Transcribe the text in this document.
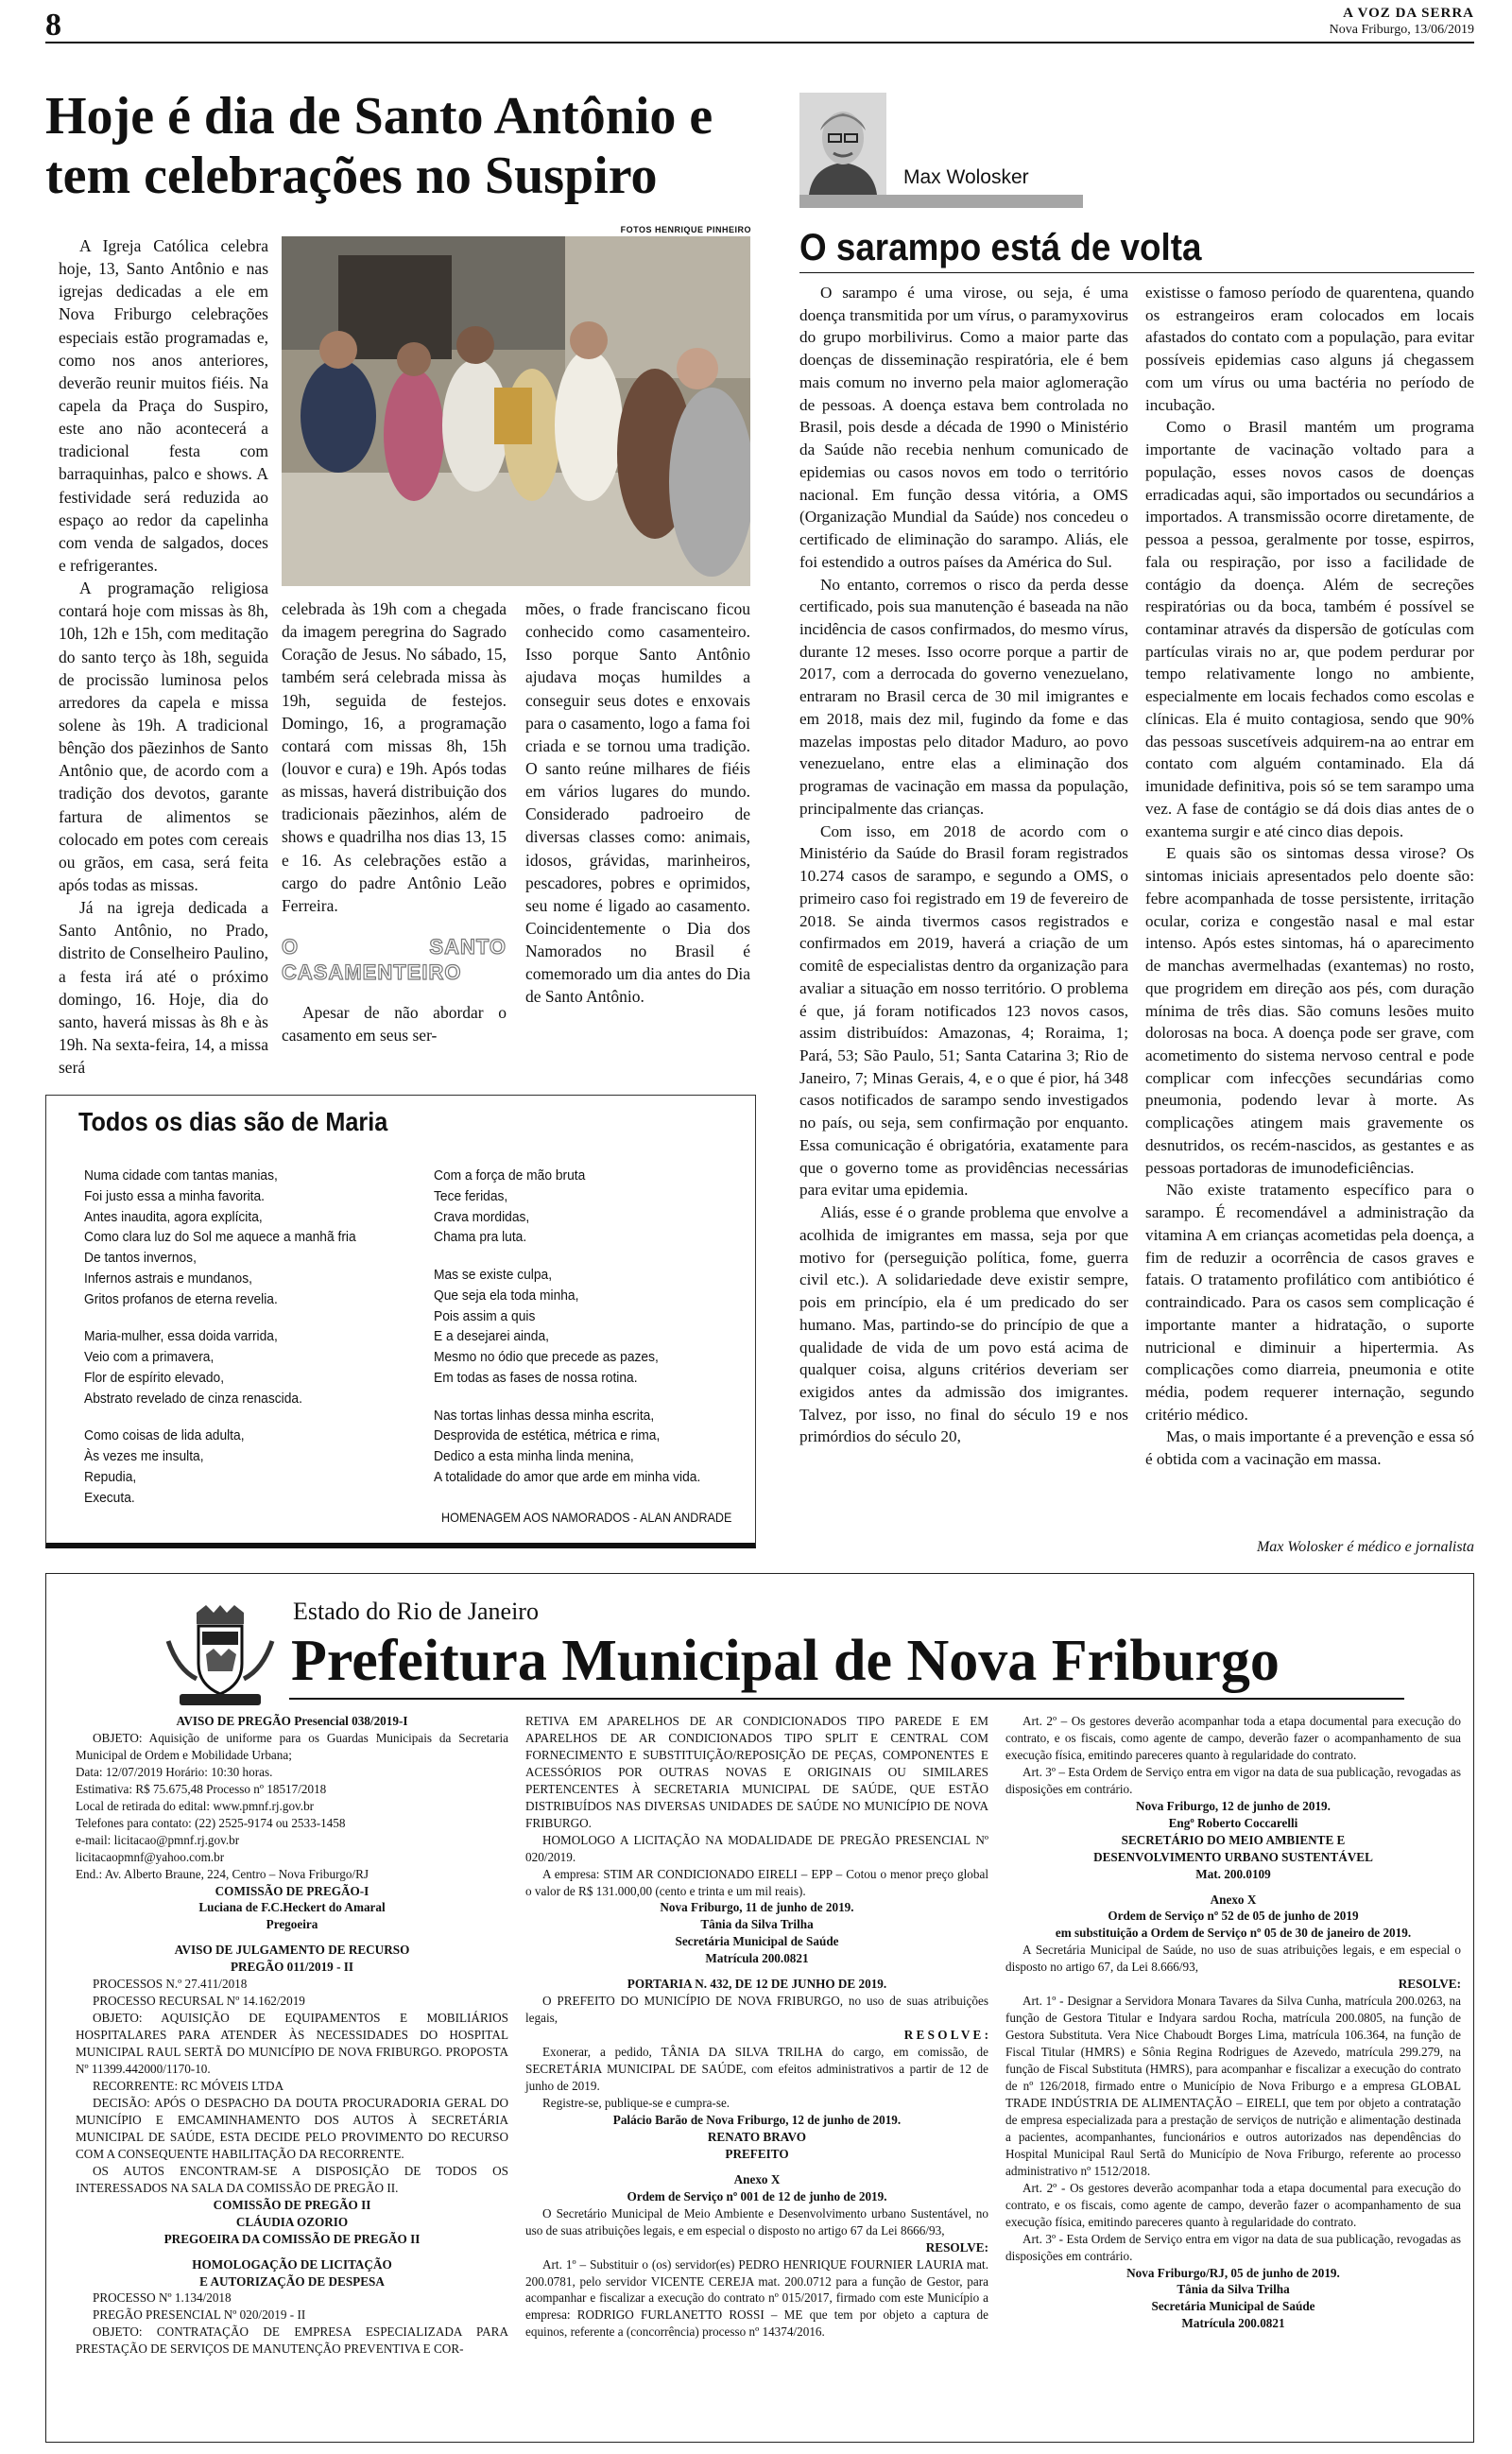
8	A VOZ DA SERRA
Nova Friburgo, 13/06/2019
Hoje é dia de Santo Antônio e tem celebrações no Suspiro
FOTOS HENRIQUE PINHEIRO

A Igreja Católica celebra hoje, 13, Santo Antônio e nas igrejas dedicadas a ele em Nova Friburgo celebrações especiais estão programadas e, como nos anos anteriores, deverão reunir muitos fiéis. Na capela da Praça do Suspiro, este ano não acontecerá a tradicional festa com barraquinhas, palco e shows. A festividade será reduzida ao espaço ao redor da capelinha com venda de salgados, doces e refrigerantes.

A programação religiosa contará hoje com missas às 8h, 10h, 12h e 15h, com meditação do santo terço às 18h, seguida de procissão luminosa pelos arredores da capela e missa solene às 19h. A tradicional bênção dos pãezinhos de Santo Antônio que, de acordo com a tradição dos devotos, garante fartura de alimentos se colocado em potes com cereais ou grãos, em casa, será feita após todas as missas.

Já na igreja dedicada a Santo Antônio, no Prado, distrito de Conselheiro Paulino, a festa irá até o próximo domingo, 16. Hoje, dia do santo, haverá missas às 8h e às 19h. Na sexta-feira, 14, a missa será

celebrada às 19h com a chegada da imagem peregrina do Sagrado Coração de Jesus. No sábado, 15, também será celebrada missa às 19h, seguida de festejos. Domingo, 16, a programação contará com missas 8h, 15h (louvor e cura) e 19h. Após todas as missas, haverá distribuição dos tradicionais pãezinhos, além de shows e quadrilha nos dias 13, 15 e 16. As celebrações estão a cargo do padre Antônio Leão Ferreira.

O SANTO CASAMENTEIRO

Apesar de não abordar o casamento em seus ser-

mões, o frade franciscano ficou conhecido como casamenteiro. Isso porque Santo Antônio ajudava moças humildes a conseguir seus dotes e enxovais para o casamento, logo a fama foi criada e se tornou uma tradição. O santo reúne milhares de fiéis em vários lugares do mundo. Considerado padroeiro de diversas classes como: animais, idosos, grávidas, marinheiros, pescadores, pobres e oprimidos, seu nome é ligado ao casamento. Coincidentemente o Dia dos Namorados no Brasil é comemorado um dia antes do Dia de Santo Antônio.

Todos os dias são de Maria
Numa cidade com tantas manias,
Foi justo essa a minha favorita.
Antes inaudita, agora explícita,
Como clara luz do Sol me aquece a manhã fria
De tantos invernos,
Infernos astrais e mundanos,
Gritos profanos de eterna revelia.
Maria-mulher, essa doida varrida,
Veio com a primavera,
Flor de espírito elevado,
Abstrato revelado de cinza renascida.
Como coisas de lida adulta,
Às vezes me insulta,
Repudia,
Executa.
Com a força de mão bruta
Tece feridas,
Crava mordidas,
Chama pra luta.
Mas se existe culpa,
Que seja ela toda minha,
Pois assim a quis
E a desejarei ainda,
Mesmo no ódio que precede as pazes,
Em todas as fases de nossa rotina.
Nas tortas linhas dessa minha escrita,
Desprovida de estética, métrica e rima,
Dedico a esta minha linda menina,
A totalidade do amor que arde em minha vida.
HOMENAGEM AOS NAMORADOS - ALAN ANDRADE
Max Wolosker
O sarampo está de volta

O sarampo é uma virose, ou seja, é uma doença transmitida por um vírus, o paramyxovirus do grupo morbilivirus. Como a maior parte das doenças de disseminação respiratória, ele é bem mais comum no inverno pela maior aglomeração de pessoas. A doença estava bem controlada no Brasil, pois desde a década de 1990 o Ministério da Saúde não recebia nenhum comunicado de epidemias ou casos novos em todo o território nacional. Em função dessa vitória, a OMS (Organização Mundial da Saúde) nos concedeu o certificado de eliminação do sarampo. Aliás, ele foi estendido a outros países da América do Sul.

No entanto, corremos o risco da perda desse certificado, pois sua manutenção é baseada na não incidência de casos confirmados, do mesmo vírus, durante 12 meses. Isso ocorre porque a partir de 2017, com a derrocada do governo venezuelano, entraram no Brasil cerca de 30 mil imigrantes e em 2018, mais dez mil, fugindo da fome e das mazelas impostas pelo ditador Maduro, ao povo venezuelano, entre elas a eliminação dos programas de vacinação em massa da população, principalmente das crianças.

Com isso, em 2018 de acordo com o Ministério da Saúde do Brasil foram registrados 10.274 casos de sarampo, e segundo a OMS, o primeiro caso foi registrado em 19 de fevereiro de 2018. Se ainda tivermos casos registrados e confirmados em 2019, haverá a criação de um comitê de especialistas dentro da organização para avaliar a situação em nosso território. O problema é que, já foram notificados 123 novos casos, assim distribuídos: Amazonas, 4; Roraima, 1; Pará, 53; São Paulo, 51; Santa Catarina 3; Rio de Janeiro, 7; Minas Gerais, 4, e o que é pior, há 348 casos notificados de sarampo sendo investigados no país, ou seja, sem confirmação por enquanto. Essa comunicação é obrigatória, exatamente para que o governo tome as providências necessárias para evitar uma epidemia.

Aliás, esse é o grande problema que envolve a acolhida de imigrantes em massa, seja por que motivo for (perseguição política, fome, guerra civil etc.). A solidariedade deve existir sempre, pois em princípio, ela é um predicado do ser humano. Mas, partindo-se do princípio de que a qualidade de vida de um povo está acima de qualquer coisa, alguns critérios deveriam ser exigidos antes da admissão dos imigrantes. Talvez, por isso, no final do século 19 e nos primórdios do século 20,

existisse o famoso período de quarentena, quando os estrangeiros eram colocados em locais afastados do contato com a população, para evitar possíveis epidemias caso alguns já chegassem com um vírus ou uma bactéria no período de incubação.

Como o Brasil mantém um programa importante de vacinação voltado para a população, esses novos casos de doenças erradicadas aqui, são importados ou secundários a importados. A transmissão ocorre diretamente, de pessoa a pessoa, geralmente por tosse, espirros, fala ou respiração, por isso a facilidade de contágio da doença. Além de secreções respiratórias ou da boca, também é possível se contaminar através da dispersão de gotículas com partículas virais no ar, que podem perdurar por tempo relativamente longo no ambiente, especialmente em locais fechados como escolas e clínicas. Ela é muito contagiosa, sendo que 90% das pessoas suscetíveis adquirem-na ao entrar em contato com alguém contaminado. Ela dá imunidade definitiva, pois só se tem sarampo uma vez. A fase de contágio se dá dois dias antes de o exantema surgir e até cinco dias depois.

E quais são os sintomas dessa virose? Os sintomas iniciais apresentados pelo doente são: febre acompanhada de tosse persistente, irritação ocular, coriza e congestão nasal e mal estar intenso. Após estes sintomas, há o aparecimento de manchas avermelhadas (exantemas) no rosto, que progridem em direção aos pés, com duração mínima de três dias. São comuns lesões muito dolorosas na boca. A doença pode ser grave, com acometimento do sistema nervoso central e pode complicar com infecções secundárias como pneumonia, podendo levar à morte. As complicações atingem mais gravemente os desnutridos, os recém-nascidos, as gestantes e as pessoas portadoras de imunodeficiências.

Não existe tratamento específico para o sarampo. É recomendável a administração da vitamina A em crianças acometidas pela doença, a fim de reduzir a ocorrência de casos graves e fatais. O tratamento profilático com antibiótico é contraindicado. Para os casos sem complicação é importante manter a hidratação, o suporte nutricional e diminuir a hipertermia. As complicações como diarreia, pneumonia e otite média, podem requerer internação, segundo critério médico.

Mas, o mais importante é a prevenção e essa só é obtida com a vacinação em massa.

Max Wolosker é médico e jornalista
Estado do Rio de Janeiro
Prefeitura Municipal de Nova Friburgo

AVISO DE PREGÃO Presencial 038/2019-I

OBJETO: Aquisição de uniforme para os Guardas Municipais da Secretaria Municipal de Ordem e Mobilidade Urbana;

Data: 12/07/2019 Horário: 10:30 horas.

Estimativa: R$ 75.675,48 Processo nº 18517/2018

Local de retirada do edital: www.pmnf.rj.gov.br

Telefones para contato: (22) 2525-9174 ou 2533-1458

e-mail: licitacao@pmnf.rj.gov.br

licitacaopmnf@yahoo.com.br

End.: Av. Alberto Braune, 224, Centro – Nova Friburgo/RJ

COMISSÃO DE PREGÃO-I

Luciana de F.C.Heckert do Amaral

Pregoeira

AVISO DE JULGAMENTO DE RECURSO

PREGÃO 011/2019 - II

PROCESSOS N.º 27.411/2018

PROCESSO RECURSAL Nº 14.162/2019

OBJETO: AQUISIÇÃO DE EQUIPAMENTOS E MOBILIÁRIOS HOSPITALARES PARA ATENDER ÀS NECESSIDADES DO HOSPITAL MUNICIPAL RAUL SERTÃ DO MUNICÍPIO DE NOVA FRIBURGO. PROPOSTA Nº 11399.442000/1170-10.

RECORRENTE: RC MÓVEIS LTDA

DECISÃO: APÓS O DESPACHO DA DOUTA PROCURADORIA GERAL DO MUNICÍPIO E EMCAMINHAMENTO DOS AUTOS À SECRETÁRIA MUNICIPAL DE SAÚDE, ESTA DECIDE PELO PROVIMENTO DO RECURSO COM A CONSEQUENTE HABILITAÇÃO DA RECORRENTE.

OS AUTOS ENCONTRAM-SE A DISPOSIÇÃO DE TODOS OS INTERESSADOS NA SALA DA COMISSÃO DE PREGÃO II.

COMISSÃO DE PREGÃO II

CLÁUDIA OZORIO

PREGOEIRA DA COMISSÃO DE PREGÃO II

HOMOLOGAÇÃO DE LICITAÇÃO

E AUTORIZAÇÃO DE DESPESA

PROCESSO Nº 1.134/2018

PREGÃO PRESENCIAL Nº 020/2019 - II

OBJETO: CONTRATAÇÃO DE EMPRESA ESPECIALIZADA PARA PRESTAÇÃO DE SERVIÇOS DE MANUTENÇÃO PREVENTIVA E COR-

RETIVA EM APARELHOS DE AR CONDICIONADOS TIPO PAREDE E EM APARELHOS DE AR CONDICIONADOS TIPO SPLIT E CENTRAL COM FORNECIMENTO E SUBSTITUIÇÃO/REPOSIÇÃO DE PEÇAS, COMPONENTES E ACESSÓRIOS POR OUTRAS NOVAS E ORIGINAIS OU SIMILARES PERTENCENTES À SECRETARIA MUNICIPAL DE SAÚDE, QUE ESTÃO DISTRIBUÍDOS NAS DIVERSAS UNIDADES DE SAÚDE NO MUNICÍPIO DE NOVA FRIBURGO.

HOMOLOGO A LICITAÇÃO NA MODALIDADE DE PREGÃO PRESENCIAL Nº 020/2019.

A empresa: STIM AR CONDICIONADO EIRELI – EPP – Cotou o menor preço global o valor de R$ 131.000,00 (cento e trinta e um mil reais).

Nova Friburgo, 11 de junho de 2019.

Tânia da Silva Trilha

Secretária Municipal de Saúde

Matrícula 200.0821

PORTARIA N. 432, DE 12 DE JUNHO DE 2019.

O PREFEITO DO MUNICÍPIO DE NOVA FRIBURGO, no uso de suas atribuições legais,

R E S O L V E :

Exonerar, a pedido, TÂNIA DA SILVA TRILHA do cargo, em comissão, de SECRETÁRIA MUNICIPAL DE SAÚDE, com efeitos administrativos a partir de 12 de junho de 2019.

Registre-se, publique-se e cumpra-se.

Palácio Barão de Nova Friburgo, 12 de junho de 2019.

RENATO BRAVO

PREFEITO

Anexo X

Ordem de Serviço nº 001 de 12 de junho de 2019.

O Secretário Municipal de Meio Ambiente e Desenvolvimento urbano Sustentável, no uso de suas atribuições legais, e em especial o disposto no artigo 67 da Lei 8666/93,

RESOLVE:

Art. 1º – Substituir o (os) servidor(es) PEDRO HENRIQUE FOURNIER LAURIA mat. 200.0781, pelo servidor VICENTE CEREJA mat. 200.0712 para a função de Gestor, para acompanhar e fiscalizar a execução do contrato nº 015/2017, firmado com este Município a empresa: RODRIGO FURLANETTO ROSSI – ME que tem por objeto a captura de equinos, referente a (concorrência) processo nº 14374/2016.

Art. 2º – Os gestores deverão acompanhar toda a etapa documental para execução do contrato, e os fiscais, como agente de campo, deverão fazer o acompanhamento de sua execução física, emitindo pareceres quanto à regularidade do contrato.

Art. 3º – Esta Ordem de Serviço entra em vigor na data de sua publicação, revogadas as disposições em contrário.

Nova Friburgo, 12 de junho de 2019.

Engº Roberto Coccarelli

SECRETÁRIO DO MEIO AMBIENTE E

DESENVOLVIMENTO URBANO SUSTENTÁVEL

Mat. 200.0109

Anexo X

Ordem de Serviço nº 52 de 05 de junho de 2019

em substituição a Ordem de Serviço nº 05 de 30 de janeiro de 2019.

A Secretária Municipal de Saúde, no uso de suas atribuições legais, e em especial o disposto no artigo 67, da Lei 8.666/93,

RESOLVE:

Art. 1º - Designar a Servidora Monara Tavares da Silva Cunha, matrícula 200.0263, na função de Gestora Titular e Indyara sardou Rocha, matrícula 200.0805, na função de Gestora Substituta. Vera Nice Chaboudt Borges Lima, matrícula 106.364, na função de Fiscal Titular (HMRS) e Sônia Regina Rodrigues de Azevedo, matrícula 299.279, na função de Fiscal Substituta (HMRS), para acompanhar e fiscalizar a execução do contrato de nº 126/2018, firmado entre o Município de Nova Friburgo e a empresa GLOBAL TRADE INDÚSTRIA DE ALIMENTAÇÃO – EIRELI, que tem por objeto a contratação de empresa especializada para a prestação de serviços de nutrição e alimentação destinada a pacientes, acompanhantes, funcionários e outros autorizados nas dependências do Hospital Municipal Raul Sertã do Município de Nova Friburgo, referente ao processo administrativo nº 1512/2018.

Art. 2º - Os gestores deverão acompanhar toda a etapa documental para execução do contrato, e os fiscais, como agente de campo, deverão fazer o acompanhamento de sua execução física, emitindo pareceres quanto à regularidade do contrato.

Art. 3º - Esta Ordem de Serviço entra em vigor na data de sua publicação, revogadas as disposições em contrário.

Nova Friburgo/RJ, 05 de junho de 2019.

Tânia da Silva Trilha

Secretária Municipal de Saúde

Matrícula 200.0821
